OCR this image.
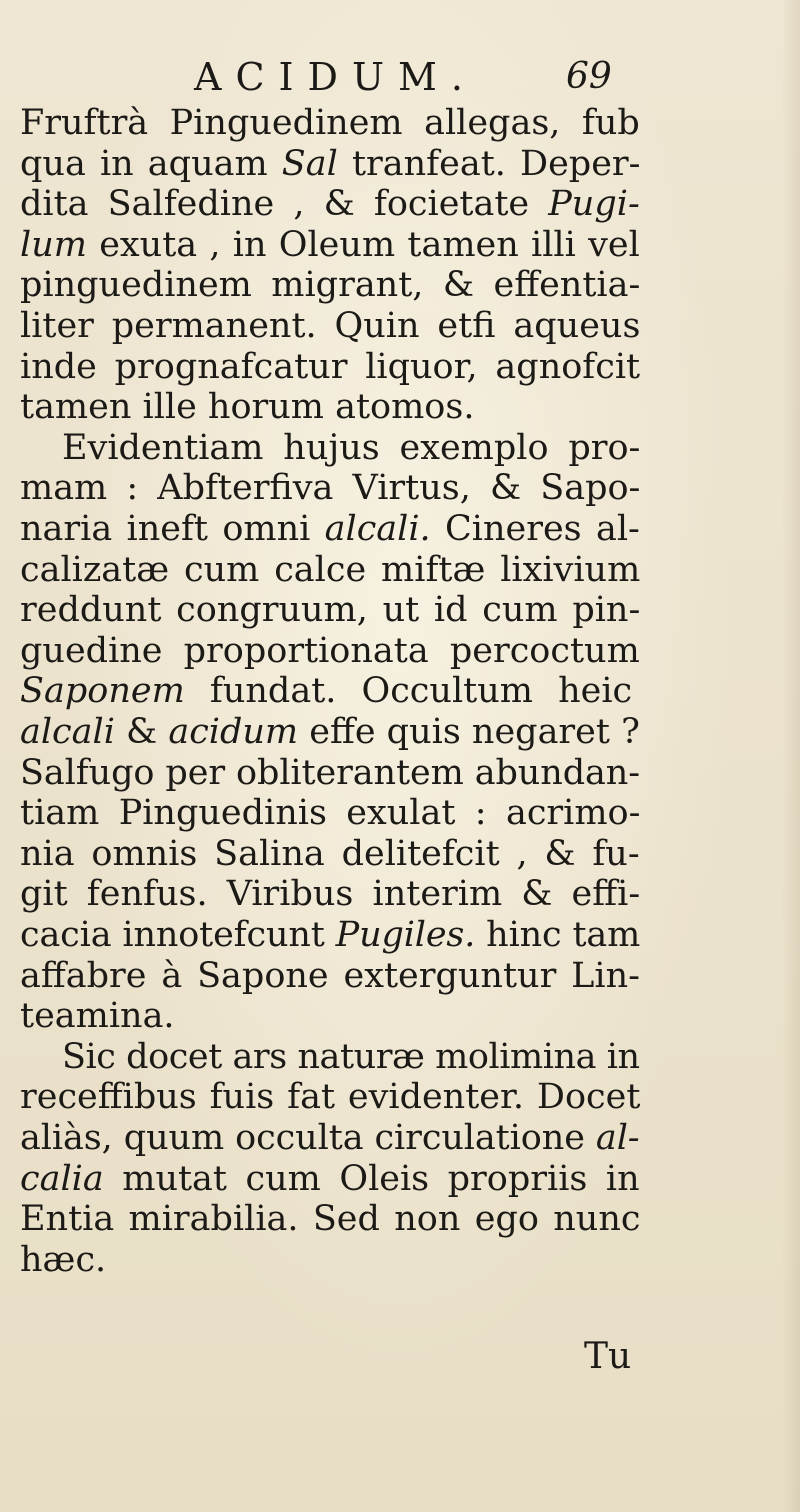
ACIDUM. 69
Fruftrà Pinguedinem allegas, fub
qua in aquam Sal tranfeat. Deper-
dita Salfedine , & focietate Pugi-
lum exuta , in Oleum tamen illi vel
pinguedinem migrant, & effentia-
liter permanent. Quin etfi aqueus
inde prognafcatur liquor, agnofcit
tamen ille horum atomos.
Evidentiam hujus exemplo pro-
mam : Abfterfiva Virtus, & Sapo-
naria ineft omni alcali. Cineres al-
calizatæ cum calce miftæ lixivium
reddunt congruum, ut id cum pin-
guedine proportionata percoctum
Saponem fundat. Occultum heic
alcali & acidum effe quis negaret ?
Salfugo per obliterantem abundan-
tiam Pinguedinis exulat : acrimo-
nia omnis Salina delitefcit , & fu-
git fenfus. Viribus interim & effi-
cacia innotefcunt Pugiles. hinc tam
affabre à Sapone exterguntur Lin-
teamina.
Sic docet ars naturæ molimina in
receffibus fuis fat evidenter. Docet
aliàs, quum occulta circulatione al-
calia mutat cum Oleis propriis in
Entia mirabilia. Sed non ego nunc
hæc.
Tu
